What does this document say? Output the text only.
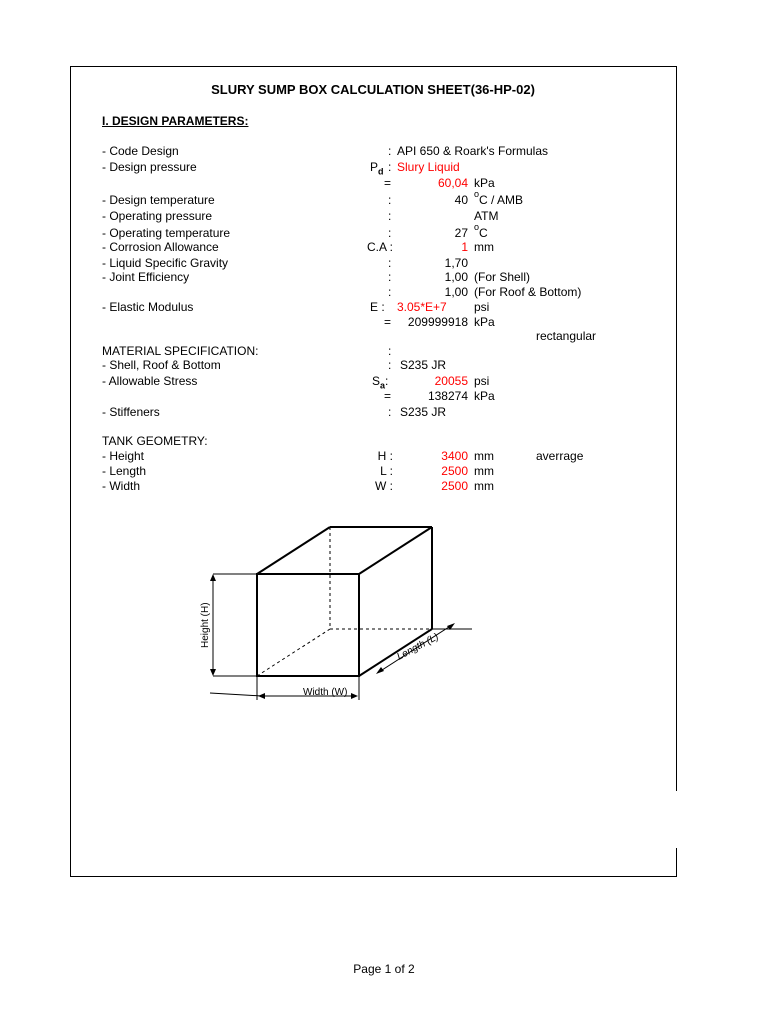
SLURY SUMP BOX CALCULATION SHEET(36-HP-02)
I. DESIGN PARAMETERS:
- Code Design	: API 650 & Roark's Formulas
- Design pressure	$P_d$ : Slury Liquid
=	60,04 kPa
- Design temperature	:	40 $^o$C / AMB
- Operating pressure	:	ATM
- Operating temperature	:	27 $^o$C
- Corrosion Allowance	C.A :	1 mm
- Liquid Specific Gravity	:	1,70
- Joint Efficiency	:	1,00 (For Shell)
:	1,00 (For Roof & Bottom)
- Elastic Modulus	E : 3.05*E+7 psi
=	209999918 kPa
rectangular
MATERIAL SPECIFICATION:	:
- Shell, Roof & Bottom	: S235 JR
- Allowable Stress	$S_a$:	20055 psi
=	138274 kPa
- Stiffeners	: S235 JR
TANK GEOMETRY:
- Height	H :	3400 mm	averrage
- Length	L :	2500 mm
- Width	W :	2500 mm
Height (H)
Width (W)
Length (L)
Page 1 of 2
